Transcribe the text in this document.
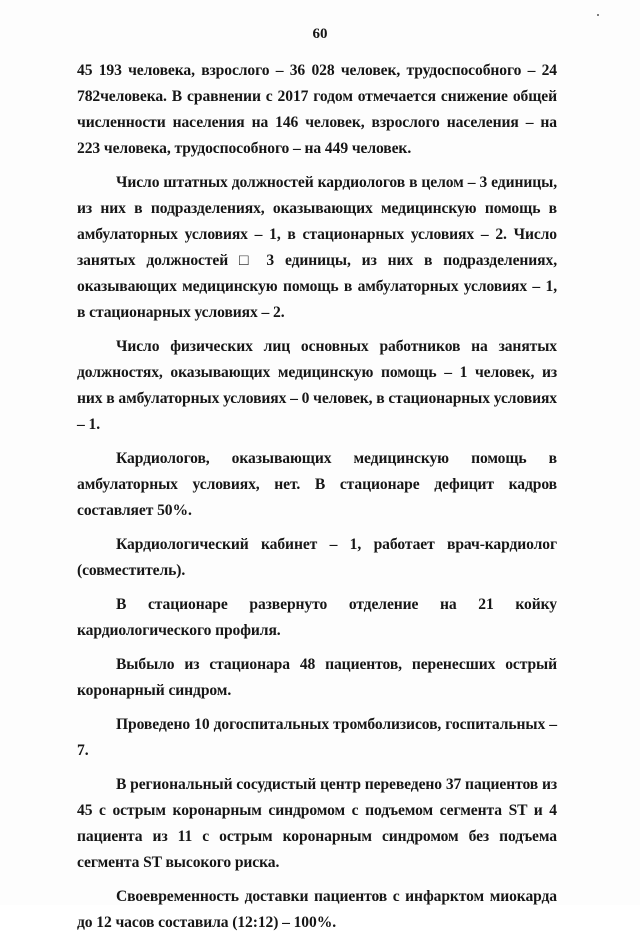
60

45 193 человека, взрослого – 36 028 человек, трудоспособного – 24 782человека. В сравнении с 2017 годом отмечается снижение общей численности населения на 146 человек, взрослого населения – на 223 человека, трудоспособного – на 449 человек.

Число штатных должностей кардиологов в целом – 3 единицы, из них в подразделениях, оказывающих медицинскую помощь в амбулаторных условиях – 1, в стационарных условиях – 2. Число занятых должностей □ 3 единицы, из них в подразделениях, оказывающих медицинскую помощь в амбулаторных условиях – 1, в стационарных условиях – 2.

Число физических лиц основных работников на занятых должностях, оказывающих медицинскую помощь – 1 человек, из них в амбулаторных условиях – 0 человек, в стационарных условиях – 1.

Кардиологов, оказывающих медицинскую помощь в амбулаторных условиях, нет. В стационаре дефицит кадров составляет 50%.

Кардиологический кабинет – 1, работает врач-кардиолог (совместитель).

В стационаре развернуто отделение на 21 койку кардиологического профиля.

Выбыло из стационара 48 пациентов, перенесших острый коронарный синдром.

Проведено 10 догоспитальных тромболизисов, госпитальных – 7.

В региональный сосудистый центр переведено 37 пациентов из 45 с острым коронарным синдромом с подъемом сегмента ST и 4 пациента из 11 с острым коронарным синдромом без подъема сегмента ST высокого риска.

Своевременность доставки пациентов с инфарктом миокарда до 12 часов составила (12:12) – 100%.
